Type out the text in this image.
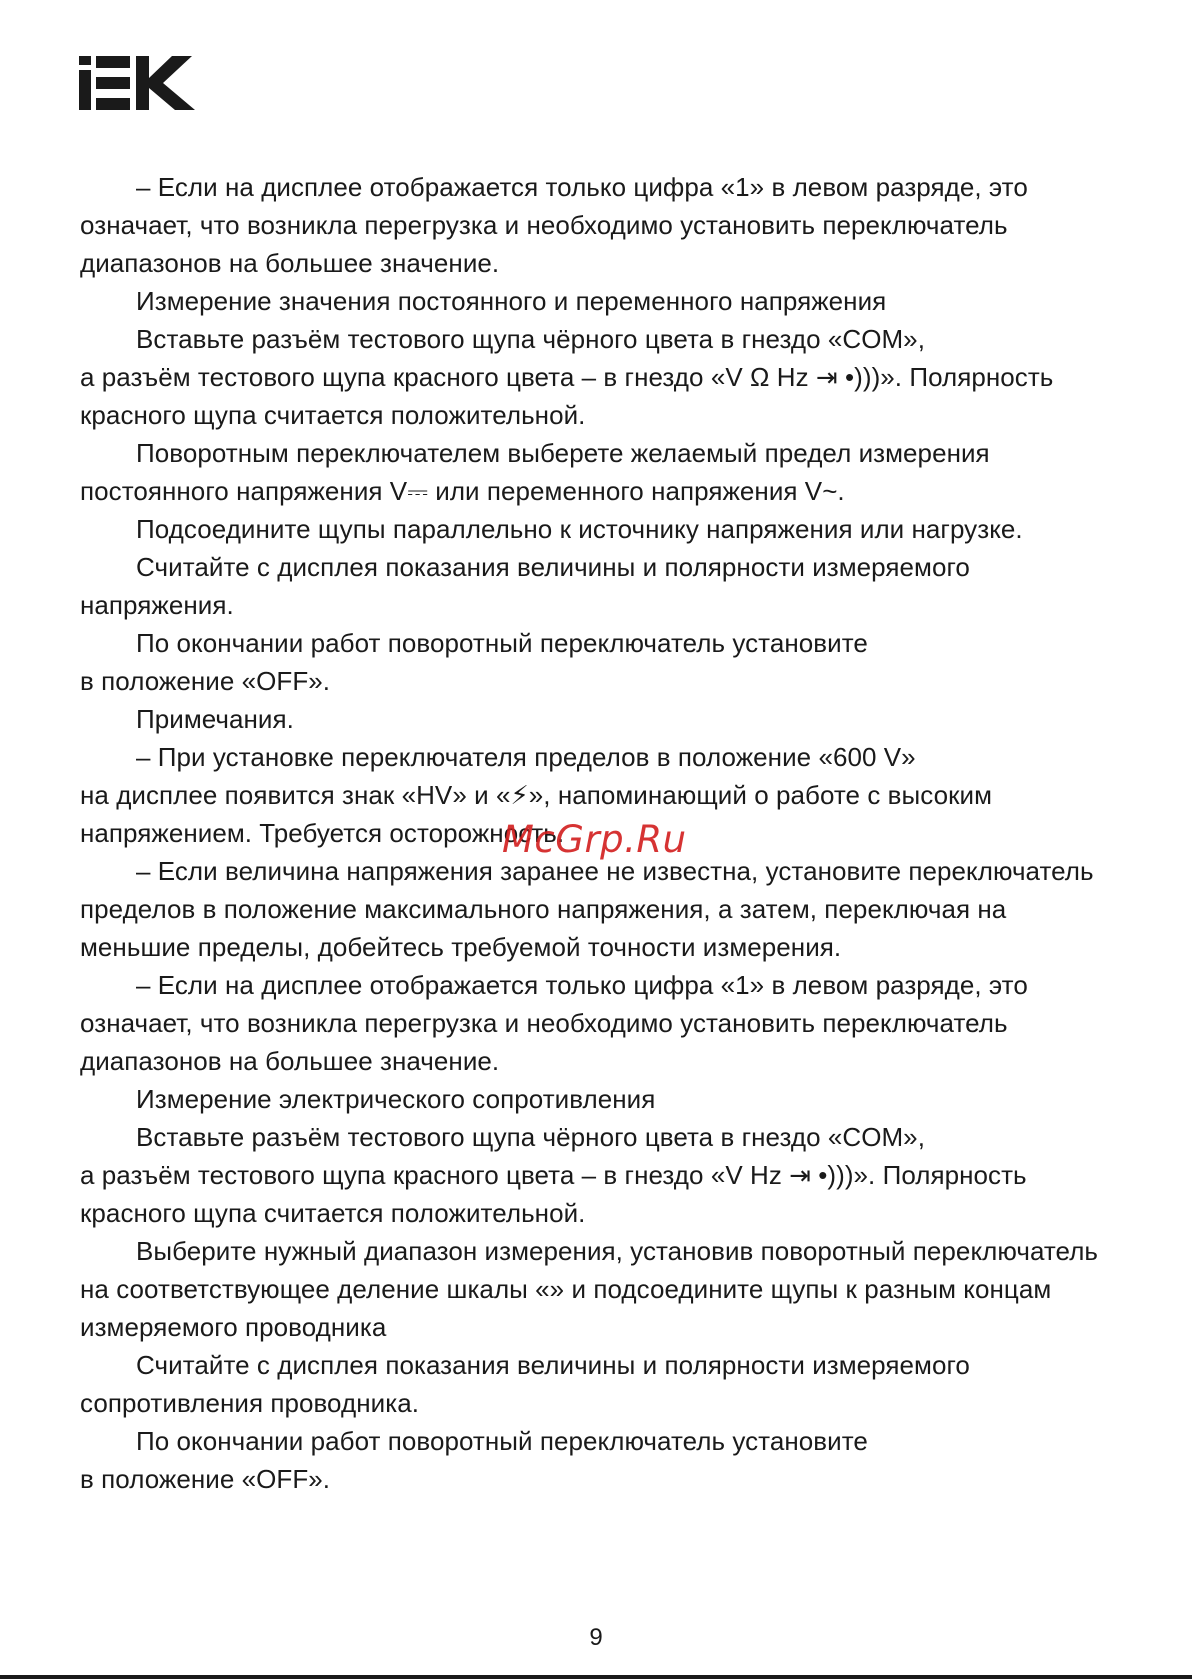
– Если на дисплее отображается только цифра «1» в левом разряде, это означает, что возникла перегрузка и необходимо установить переключатель диапазонов на большее значение.

Измерение значения постоянного и переменного напряжения

Вставьте разъём тестового щупа чёрного цвета в гнездо «COM»,

а разъём тестового щупа красного цвета – в гнездо «V Ω Hz ⇥ •)))». Полярность красного щупа считается положительной.

Поворотным переключателем выберете желаемый предел измерения постоянного напряжения V⎓ или переменного напряжения V~.

Подсоедините щупы параллельно к источнику напряжения или нагрузке.

Считайте с дисплея показания величины и полярности измеряемого напряжения.

По окончании работ поворотный переключатель установите

в положение «OFF».

Примечания.

– При установке переключателя пределов в положение «600 V»

на дисплее появится знак «HV» и «⚡», напоминающий о работе с высоким напряжением. Требуется осторожность.

– Если величина напряжения заранее не известна, установите переключатель пределов в положение максимального напряжения, а затем, переключая на меньшие пределы, добейтесь требуемой точности измерения.

– Если на дисплее отображается только цифра «1» в левом разряде, это означает, что возникла перегрузка и необходимо установить переключатель диапазонов на большее значение.

Измерение электрического сопротивления

Вставьте разъём тестового щупа чёрного цвета в гнездо «COM»,

а разъём тестового щупа красного цвета – в гнездо «V Hz ⇥ •)))». Полярность красного щупа считается положительной.

Выберите нужный диапазон измерения, установив поворотный переключатель на соответствующее деление шкалы «» и подсоедините щупы к разным концам измеряемого проводника

Считайте с дисплея показания величины и полярности измеряемого сопротивления проводника.

По окончании работ поворотный переключатель установите

в положение «OFF».

McGrp.Ru
9
